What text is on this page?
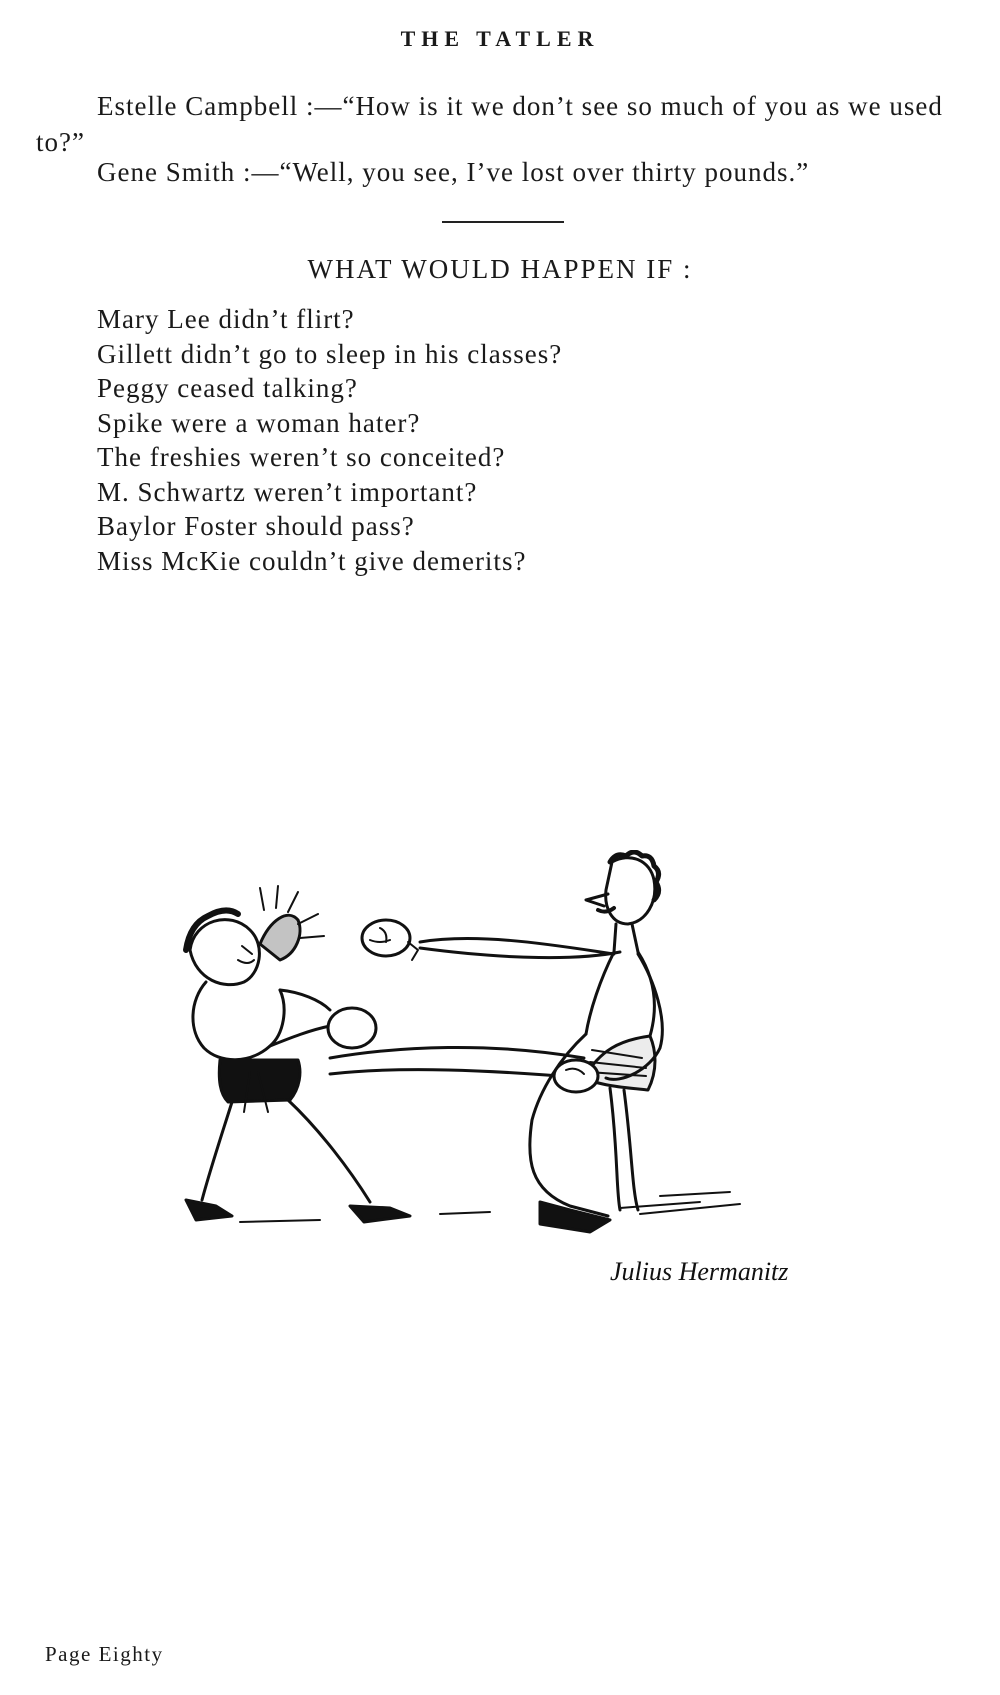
THE TATLER

Estelle Campbell :—“How is it we don’t see so much of you as we used to?”

Gene Smith :—“Well, you see, I’ve lost over thirty pounds.”

WHAT WOULD HAPPEN IF :
Mary Lee didn’t flirt?
Gillett didn’t go to sleep in his classes?
Peggy ceased talking?
Spike were a woman hater?
The freshies weren’t so conceited?
M. Schwartz weren’t important?
Baylor Foster should pass?
Miss McKie couldn’t give demerits?
Julius Hermanitz
Page Eighty
